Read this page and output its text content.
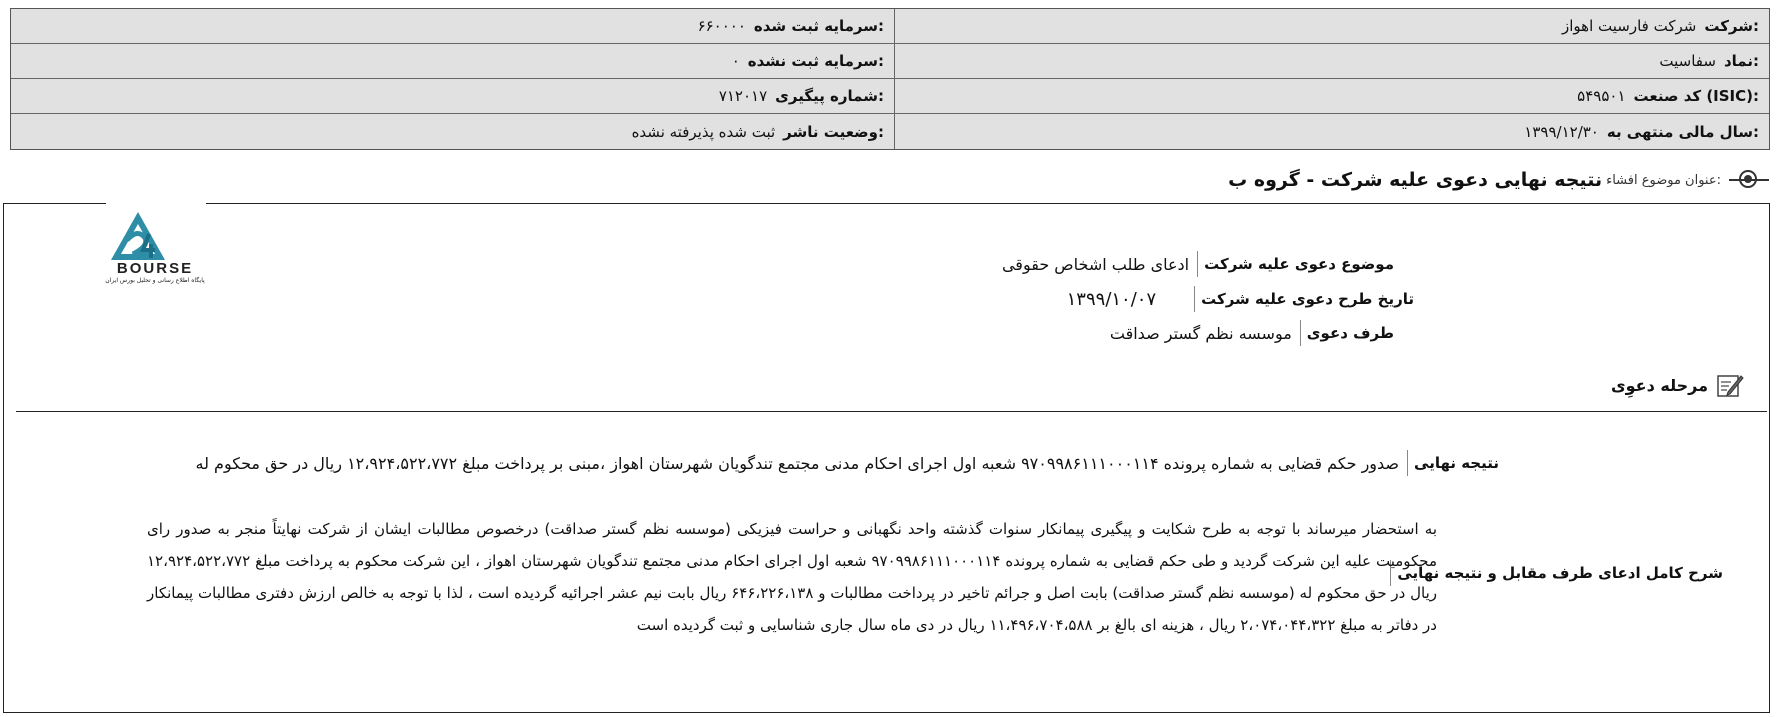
شرکت:
شرکت فارسیت اهواز
سرمایه ثبت شده:
۶۶۰۰۰۰
نماد:
سفاسیت
سرمایه ثبت نشده:
۰
کد صنعت (ISIC):
۵۴۹۵۰۱
شماره پیگیری:
۷۱۲۰۱۷
سال مالی منتهی به:
۱۳۹۹/۱۲/۳۰
وضعیت ناشر:
ثبت شده پذیرفته نشده
عنوان موضوع افشاء:
نتیجه نهایی دعوی علیه شرکت - گروه ب
BOURSE
پایگاه اطلاع رسانی و تحلیل بورس ایران
موضوع دعوی علیه شرکت
ادعای طلب اشخاص حقوقی
تاریخ طرح دعوی علیه شرکت
۱۳۹۹/۱۰/۰۷
طرف دعوی
موسسه نظم گستر صداقت
مرحله دعوِی
نتیجه نهایی
صدور حکم قضایی به شماره پرونده ۹۷۰۹۹۸۶۱۱۱۰۰۰۱۱۴ شعبه اول اجرای احکام مدنی مجتمع تندگویان شهرستان اهواز ،مبنی بر پرداخت مبلغ ۱۲،۹۲۴،۵۲۲،۷۷۲ ریال در حق محکوم له
شرح کامل ادعای طرف مقابل و نتیجه نهایی
به استحضار میرساند با توجه به طرح شکایت و پیگیری پیمانکار سنوات گذشته واحد نگهبانی و حراست فیزیکی (موسسه نظم گستر صداقت) درخصوص مطالبات ایشان از شرکت نهایتاً منجر به صدور رای محکومیت علیه این شرکت گردید و طی حکم قضایی به شماره پرونده ۹۷۰۹۹۸۶۱۱۱۰۰۰۱۱۴ شعبه اول اجرای احکام مدنی مجتمع تندگویان شهرستان اهواز ، این شرکت محکوم به پرداخت مبلغ ۱۲،۹۲۴،۵۲۲،۷۷۲ ریال در حق محکوم له (موسسه نظم گستر صداقت) بابت اصل و جرائم تاخیر در پرداخت مطالبات و ۶۴۶،۲۲۶،۱۳۸ ریال بابت نیم عشر اجرائیه گردیده است ، لذا با توجه به خالص ارزش دفتری مطالبات پیمانکار در دفاتر به مبلغ ۲،۰۷۴،۰۴۴،۳۲۲ ریال ، هزینه ای بالغ بر ۱۱،۴۹۶،۷۰۴،۵۸۸ ریال در دی ماه سال جاری شناسایی و ثبت گردیده است
